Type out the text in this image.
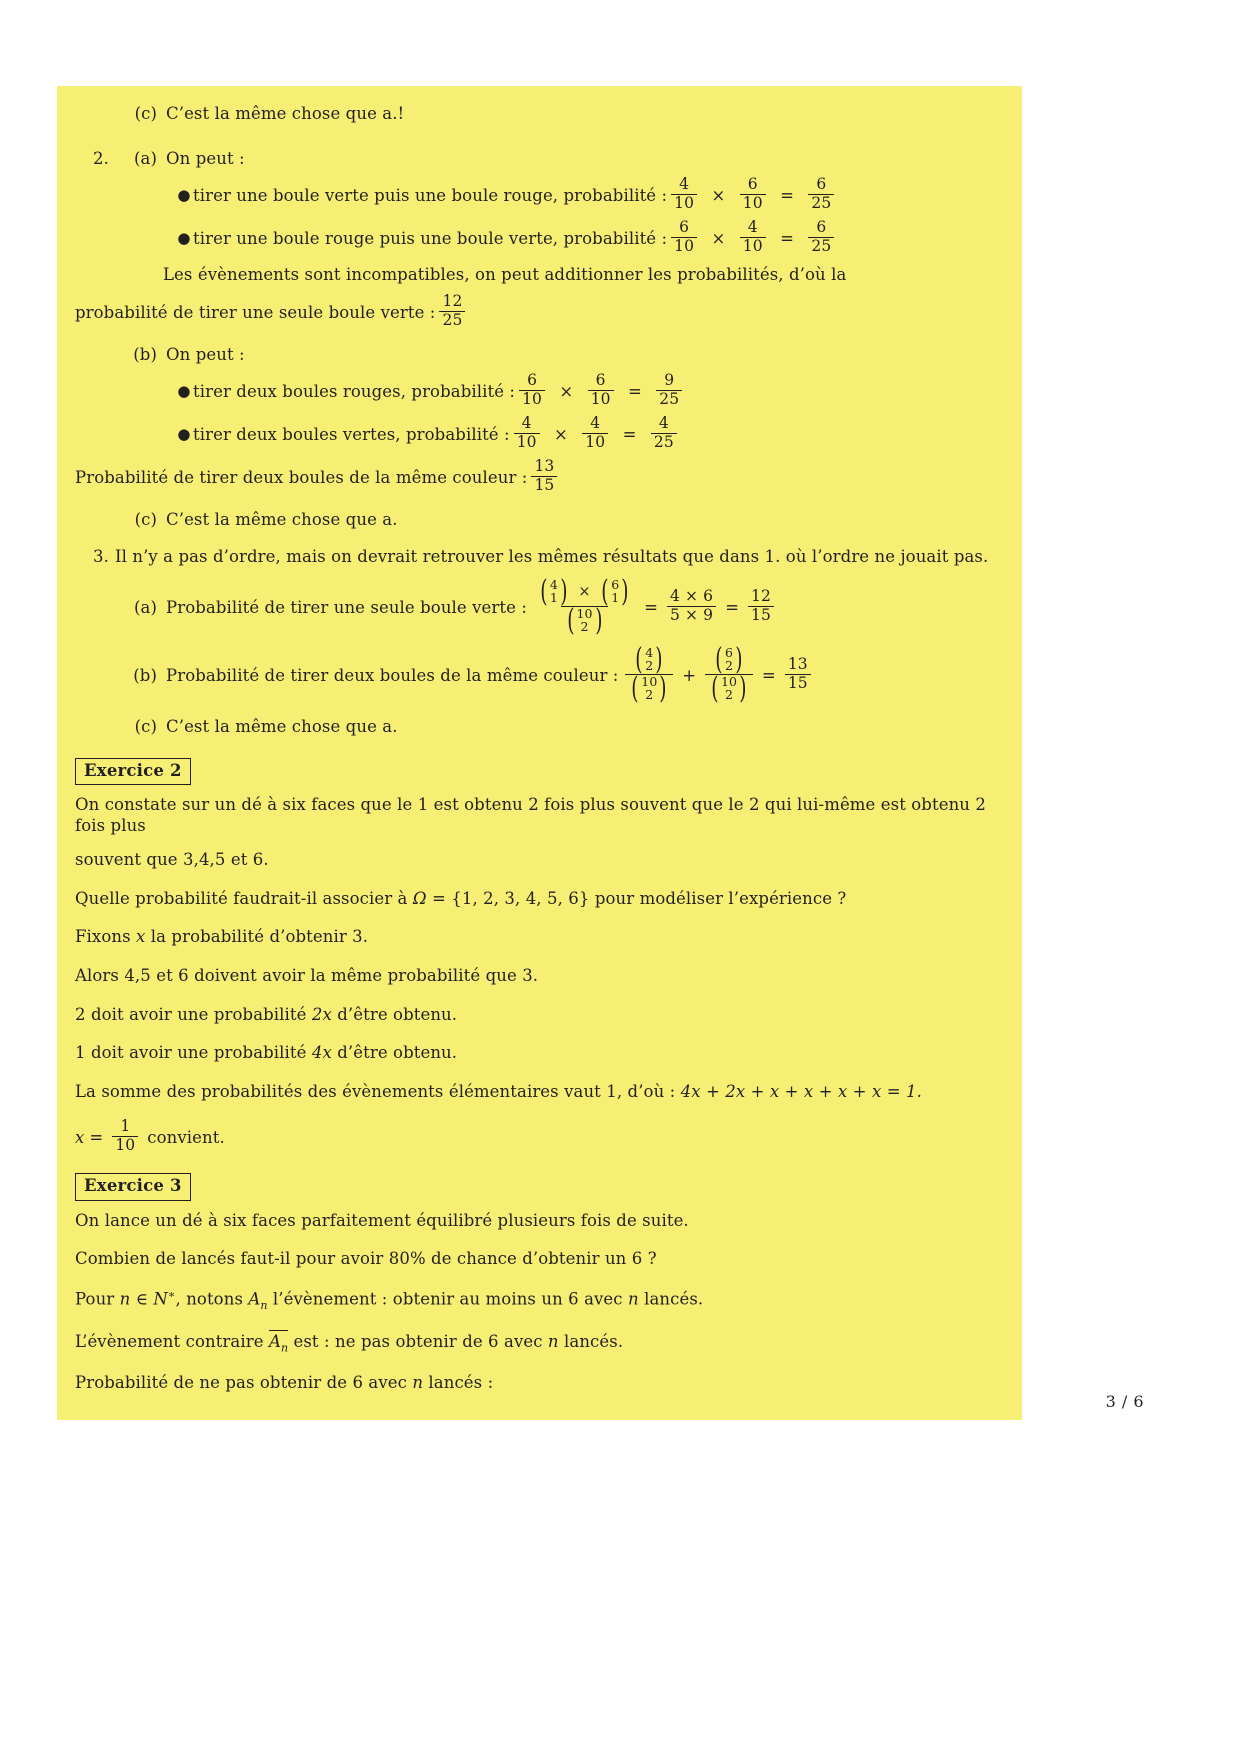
(c) C’est la même chose que a.!
2.	(a) On peut :
● tirer une boule verte puis une boule rouge, probabilité : $\frac{4}{10} \times \frac{6}{10} = \frac{6}{25}$
● tirer une boule rouge puis une boule verte, probabilité : $\frac{6}{10} \times \frac{4}{10} = \frac{6}{25}$
Les évènements sont incompatibles, on peut additionner les probabilités, d’où la
probabilité de tirer une seule boule verte : $\frac{12}{25}$
(b) On peut :
● tirer deux boules rouges, probabilité : $\frac{6}{10} \times \frac{6}{10} = \frac{9}{25}$
● tirer deux boules vertes, probabilité : $\frac{4}{10} \times \frac{4}{10} = \frac{4}{25}$
Probabilité de tirer deux boules de la même couleur : $\frac{13}{15}$
(c) C’est la même chose que a.
3. Il n’y a pas d’ordre, mais on devrait retrouver les mêmes résultats que dans 1. où l’ordre ne jouait pas.
(a) Probabilité de tirer une seule boule verte : ( 4
1 ) × ( 6
1 )
( 10
2 )	= $\frac{4 \times 6}{5 \times 9} = \frac{12}{15}$
(b) Probabilité de tirer deux boules de la même couleur : ( 4
2 )
( 10
2 ) + ( 6
2 )
( 10
2 ) = $\frac{13}{15}$
(c) C’est la même chose que a.
Exercice 2
On constate sur un dé à six faces que le 1 est obtenu 2 fois plus souvent que le 2 qui lui-même est obtenu 2 fois plus
souvent que 3,4,5 et 6.
Quelle probabilité faudrait-il associer à Ω = {1, 2, 3, 4, 5, 6} pour modéliser l’expérience ?
Fixons x la probabilité d’obtenir 3.
Alors 4,5 et 6 doivent avoir la même probabilité que 3.
2 doit avoir une probabilité 2x d’être obtenu.
1 doit avoir une probabilité 4x d’être obtenu.
La somme des probabilités des évènements élémentaires vaut 1, d’où : 4x + 2x + x + x + x + x = 1.
$x = \frac{1}{10}$ convient.
Exercice 3
On lance un dé à six faces parfaitement équilibré plusieurs fois de suite.
Combien de lancés faut-il pour avoir 80% de chance d’obtenir un 6 ?
Pour n ∈ N∗, notons $A_n$ l’évènement : obtenir au moins un 6 avec n lancés.
L’évènement contraire $A_n$ est : ne pas obtenir de 6 avec n lancés.
Probabilité de ne pas obtenir de 6 avec n lancés :
3 / 6
